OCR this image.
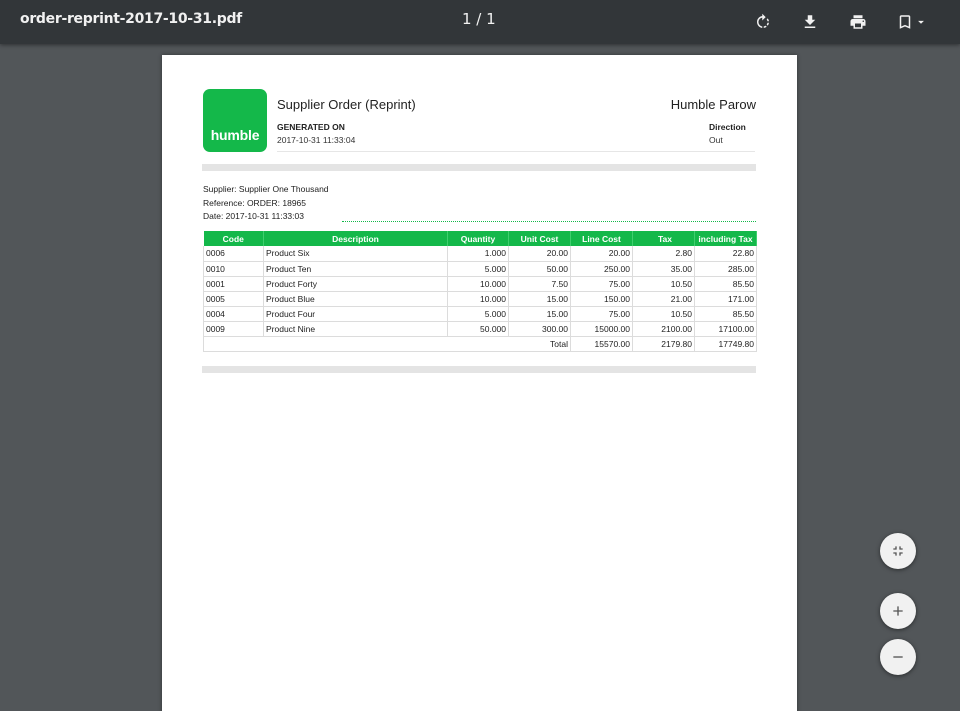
order-reprint-2017-10-31.pdf	1 / 1
humble
Supplier Order (Reprint)	Humble Parow
GENERATED ON
2017-10-31 11:33:04
Direction
Out
Supplier: Supplier One Thousand
Reference: ORDER: 18965
Date: 2017-10-31 11:33:03
Code	Description	Quantity	Unit Cost	Line Cost	Tax	including Tax
0006	Product Six	1.000	20.00	20.00	2.80	22.80
0010	Product Ten	5.000	50.00	250.00	35.00	285.00
0001	Product Forty	10.000	7.50	75.00	10.50	85.50
0005	Product Blue	10.000	15.00	150.00	21.00	171.00
0004	Product Four	5.000	15.00	75.00	10.50	85.50
0009	Product Nine	50.000	300.00	15000.00	2100.00	17100.00
			Total	15570.00	2179.80	17749.80
